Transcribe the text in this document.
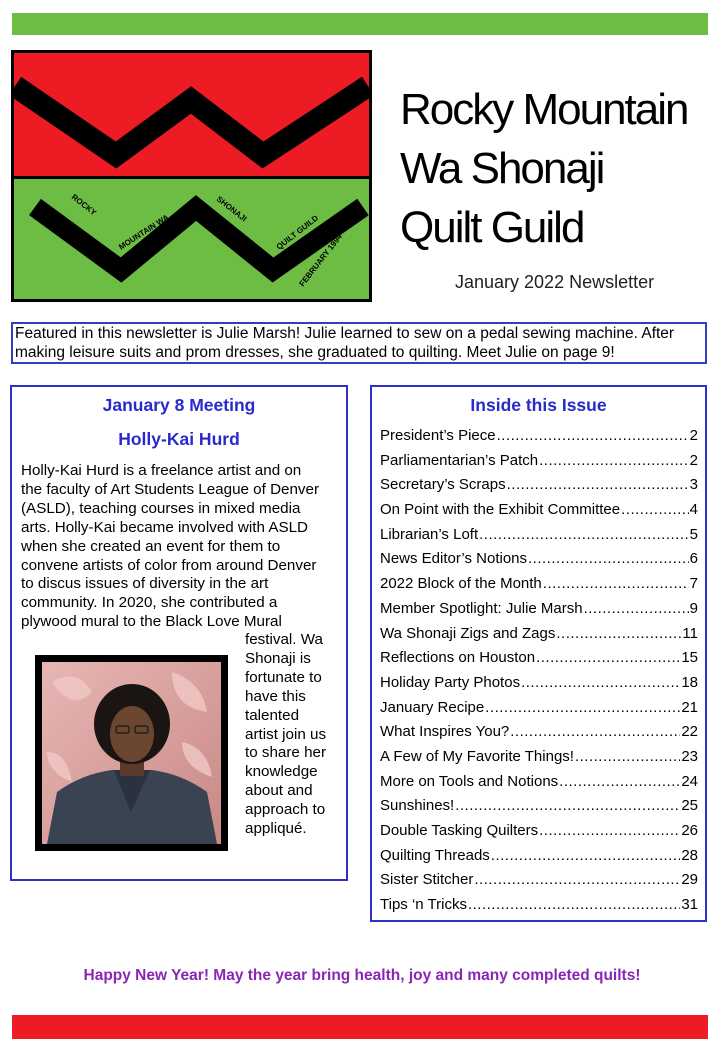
ROCKY
MOUNTAIN WA
SHONAJI
QUILT GUILD
FEBRUARY 1994
Rocky Mountain
Wa Shonaji
Quilt Guild
January 2022 Newsletter
Featured in this newsletter is Julie Marsh! Julie learned to sew on a pedal sewing machine. After making leisure suits and prom dresses, she graduated to quilting. Meet Julie on page 9!
January 8 Meeting
Holly-Kai Hurd
Holly-Kai Hurd is a freelance artist and on
the faculty of Art Students League of Denver
(ASLD), teaching courses in mixed media
arts. Holly-Kai became involved with ASLD
when she created an event for them to
convene artists of color from around Denver
to discus issues of diversity in the art
community. In 2020, she contributed a
plywood mural to the Black Love Mural
festival. Wa
Shonaji is
fortunate to
have this
talented
artist join us
to share her
knowledge
about and
approach to
appliqué.
Inside this Issue
President’s Piece .....	2
Parliamentarian’s Patch .....	2
Secretary’s Scraps .....	3
On Point with the Exhibit Committee .....	4
Librarian’s Loft .....	5
News Editor’s Notions .....	6
2022 Block of the Month .....	7
Member Spotlight: Julie Marsh .....	9
Wa Shonaji Zigs and Zags .....	11
Reflections on Houston .....	15
Holiday Party Photos .....	18
January Recipe .....	21
What Inspires You? .....	22
A Few of My Favorite Things! .....	23
More on Tools and Notions .....	24
Sunshines! .....	25
Double Tasking Quilters .....	26
Quilting Threads .....	28
Sister Stitcher .....	29
Tips ‘n Tricks .....	31
Happy New Year! May the year bring health, joy and many completed quilts!
